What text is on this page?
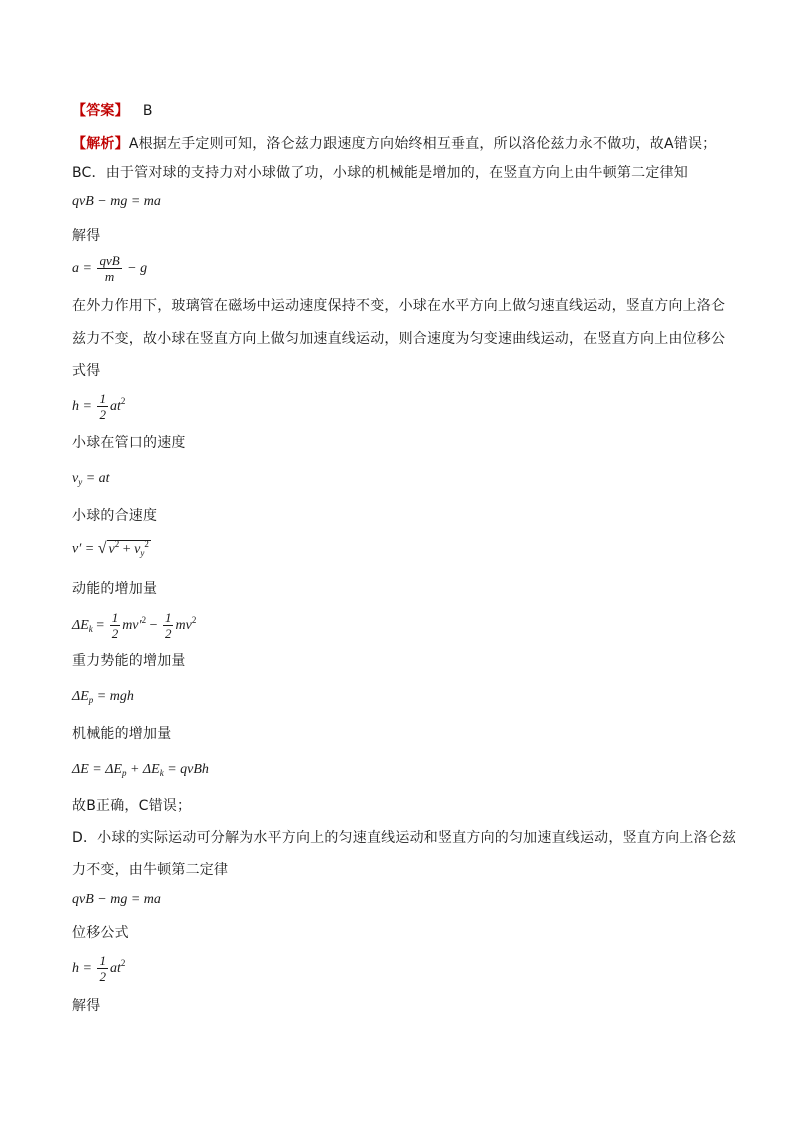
【答案】 B
【解析】A根据左手定则可知，洛仑兹力跟速度方向始终相互垂直，所以洛伦兹力永不做功，故A错误；
BC．由于管对球的支持力对小球做了功，小球的机械能是增加的，在竖直方向上由牛顿第二定律知
qvB − mg = ma
解得
$a = \frac{\text{qvB}}{m} - g$
在外力作用下，玻璃管在磁场中运动速度保持不变，小球在水平方向上做匀速直线运动，竖直方向上洛仑
兹力不变，故小球在竖直方向上做匀加速直线运动，则合速度为匀变速曲线运动，在竖直方向上由位移公
式得
$h = \frac{1}{2} at^2$
小球在管口的速度
$v_y$ = at
小球的合速度
v′ = √ $v^2 + v_y^2$
动能的增加量
$\Delta E_k = \frac{1}{2} mv'^2 - \frac{1}{2} mv^2$
重力势能的增加量
$\Delta E_p$ = mgh
机械能的增加量
$\Delta E = \Delta E_p + \Delta E_k$ = qvBh
故B正确，C错误；
D．小球的实际运动可分解为水平方向上的匀速直线运动和竖直方向的匀加速直线运动，竖直方向上洛仑兹
力不变，由牛顿第二定律
qvB − mg = ma
位移公式
$h = \frac{1}{2} at^2$
解得
